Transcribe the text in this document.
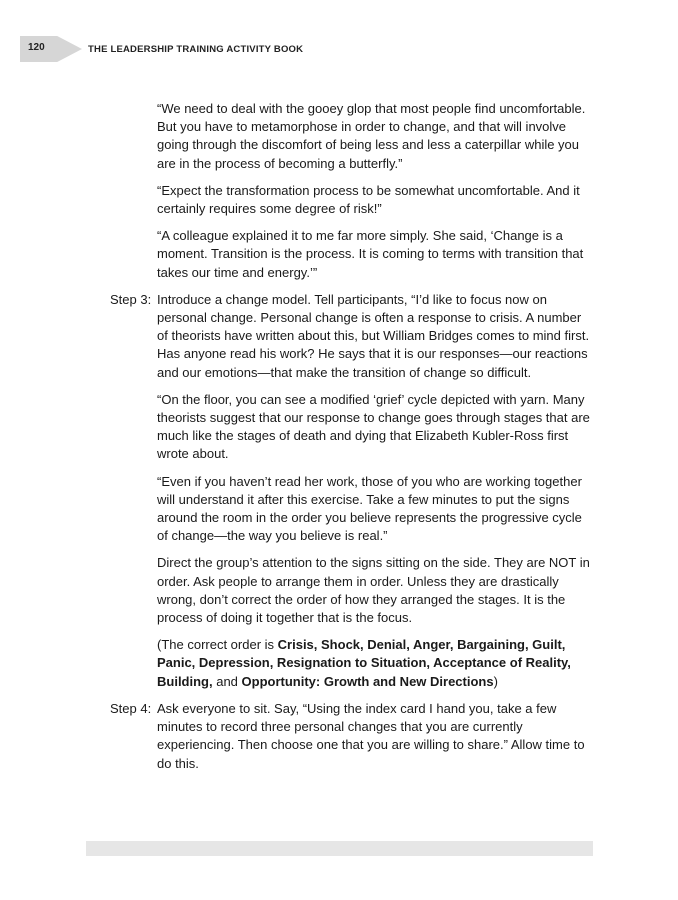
120	THE LEADERSHIP TRAINING ACTIVITY BOOK

“We need to deal with the gooey glop that most people find uncomfortable. But you have to metamorphose in order to change, and that will involve going through the discomfort of being less and less a caterpillar while you are in the process of becoming a butterfly.”

“Expect the transformation process to be somewhat uncomfortable. And it certainly requires some degree of risk!”

“A colleague explained it to me far more simply. She said, ‘Change is a moment. Transition is the process. It is coming to terms with transition that takes our time and energy.’”

Step 3: Introduce a change model. Tell participants, “I’d like to focus now on personal change. Personal change is often a response to crisis. A number of theorists have written about this, but William Bridges comes to mind first. Has anyone read his work? He says that it is our responses—our reactions and our emotions—that make the transition of change so difficult.

“On the floor, you can see a modified ‘grief’ cycle depicted with yarn. Many theorists suggest that our response to change goes through stages that are much like the stages of death and dying that Elizabeth Kubler-Ross first wrote about.

“Even if you haven’t read her work, those of you who are working together will understand it after this exercise. Take a few minutes to put the signs around the room in the order you believe represents the progressive cycle of change—the way you believe is real.”

Direct the group’s attention to the signs sitting on the side. They are NOT in order. Ask people to arrange them in order. Unless they are drastically wrong, don’t correct the order of how they arranged the stages. It is the process of doing it together that is the focus.

(The correct order is Crisis, Shock, Denial, Anger, Bargaining, Guilt, Panic, Depression, Resignation to Situation, Acceptance of Reality, Building, and Opportunity: Growth and New Directions)

Step 4: Ask everyone to sit. Say, “Using the index card I hand you, take a few minutes to record three personal changes that you are currently experiencing. Then choose one that you are willing to share.” Allow time to do this.
